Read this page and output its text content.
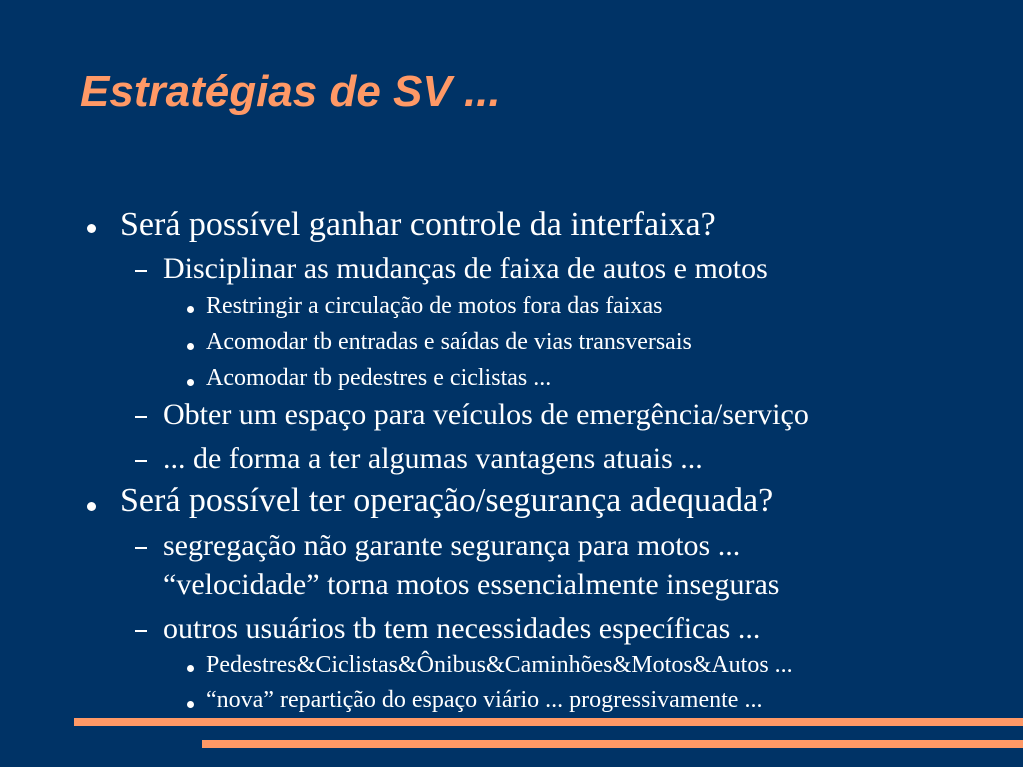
Estratégias de SV ...
Será possível ganhar controle da interfaixa?
Disciplinar as mudanças de faixa de autos e motos
Restringir a circulação de motos fora das faixas
Acomodar tb entradas e saídas de vias transversais
Acomodar tb pedestres e ciclistas ...
Obter um espaço para veículos de emergência/serviço
... de forma a ter algumas vantagens atuais ...
Será possível ter operação/segurança adequada?
segregação não garante segurança para motos ...
“velocidade” torna motos essencialmente inseguras
outros usuários tb tem necessidades específicas ...
Pedestres&Ciclistas&Ônibus&Caminhões&Motos&Autos ...
“nova” repartição do espaço viário ... progressivamente ...
